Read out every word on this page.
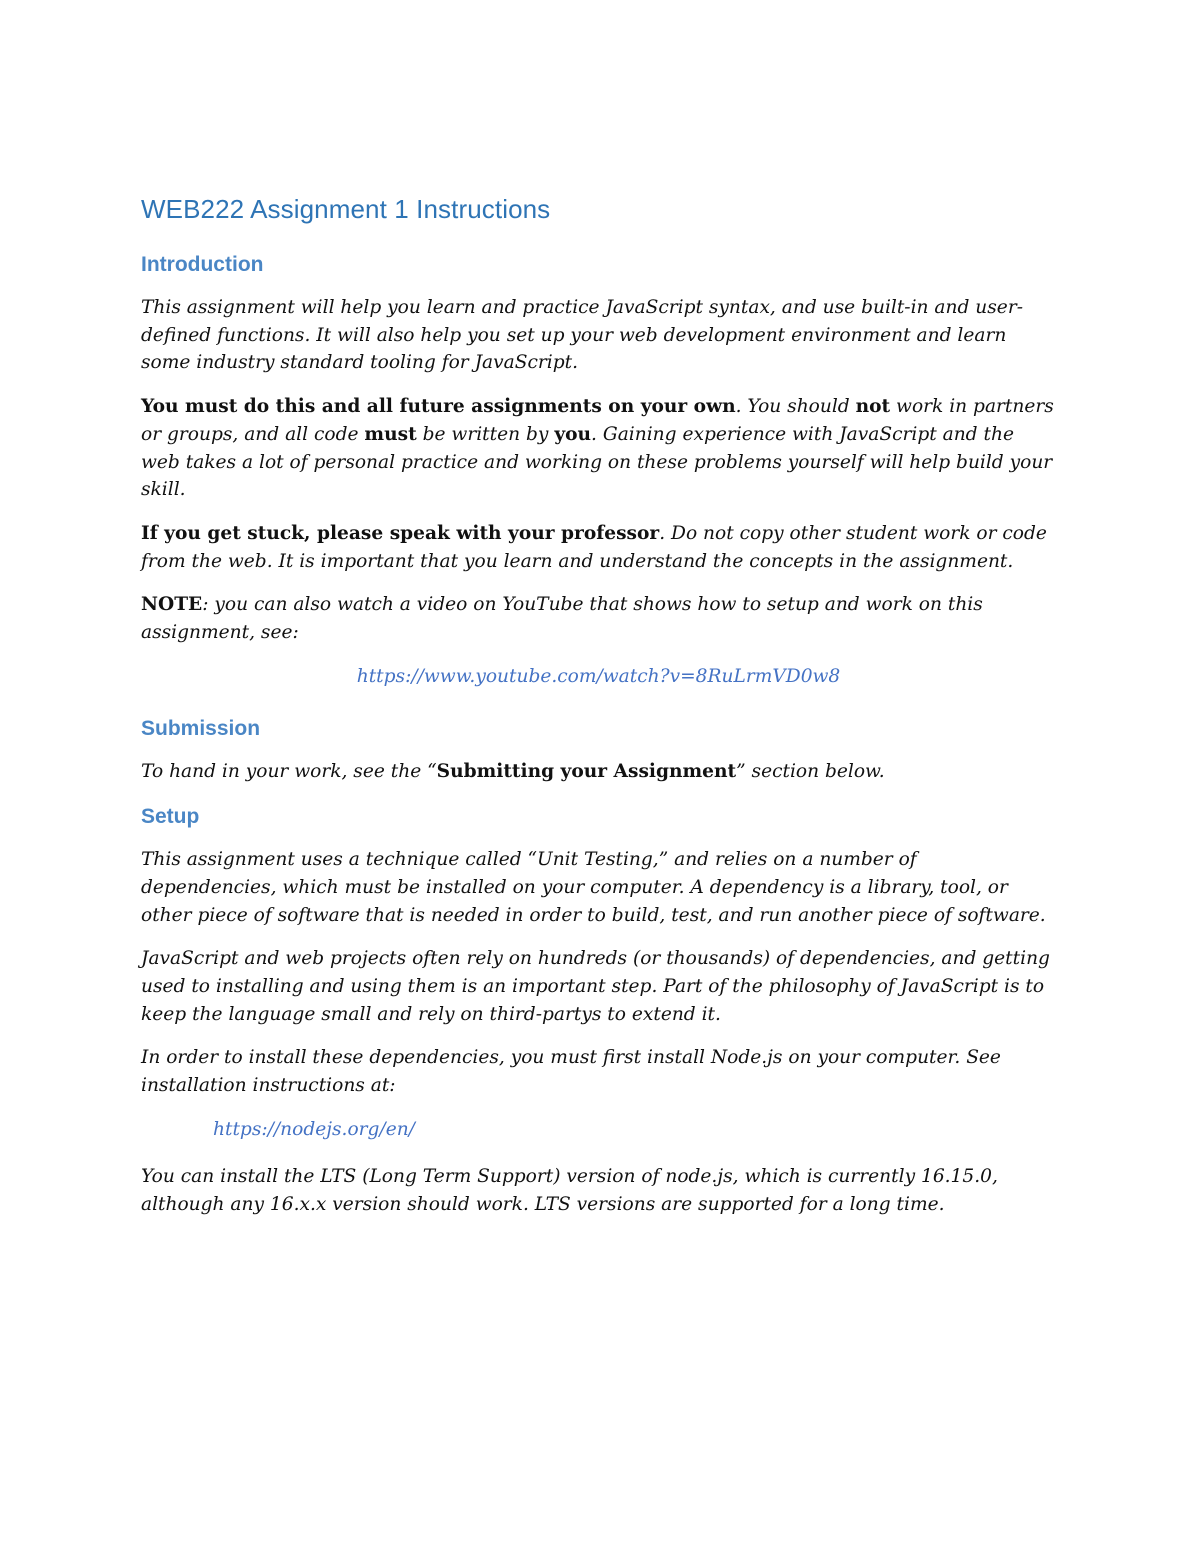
WEB222 Assignment 1 Instructions
Introduction

This assignment will help you learn and practice JavaScript syntax, and use built-in and user-defined functions. It will also help you set up your web development environment and learn some industry standard tooling for JavaScript.

You must do this and all future assignments on your own. You should not work in partners or groups, and all code must be written by you. Gaining experience with JavaScript and the web takes a lot of personal practice and working on these problems yourself will help build your skill.

If you get stuck, please speak with your professor. Do not copy other student work or code from the web. It is important that you learn and understand the concepts in the assignment.

NOTE: you can also watch a video on YouTube that shows how to setup and work on this assignment, see:

https://www.youtube.com/watch?v=8RuLrmVD0w8
Submission

To hand in your work, see the “Submitting your Assignment” section below.

Setup

This assignment uses a technique called “Unit Testing,” and relies on a number of dependencies, which must be installed on your computer. A dependency is a library, tool, or other piece of software that is needed in order to build, test, and run another piece of software.

JavaScript and web projects often rely on hundreds (or thousands) of dependencies, and getting used to installing and using them is an important step. Part of the philosophy of JavaScript is to keep the language small and rely on third-partys to extend it.

In order to install these dependencies, you must first install Node.js on your computer. See installation instructions at:

https://nodejs.org/en/

You can install the LTS (Long Term Support) version of node.js, which is currently 16.15.0, although any 16.x.x version should work. LTS versions are supported for a long time.
